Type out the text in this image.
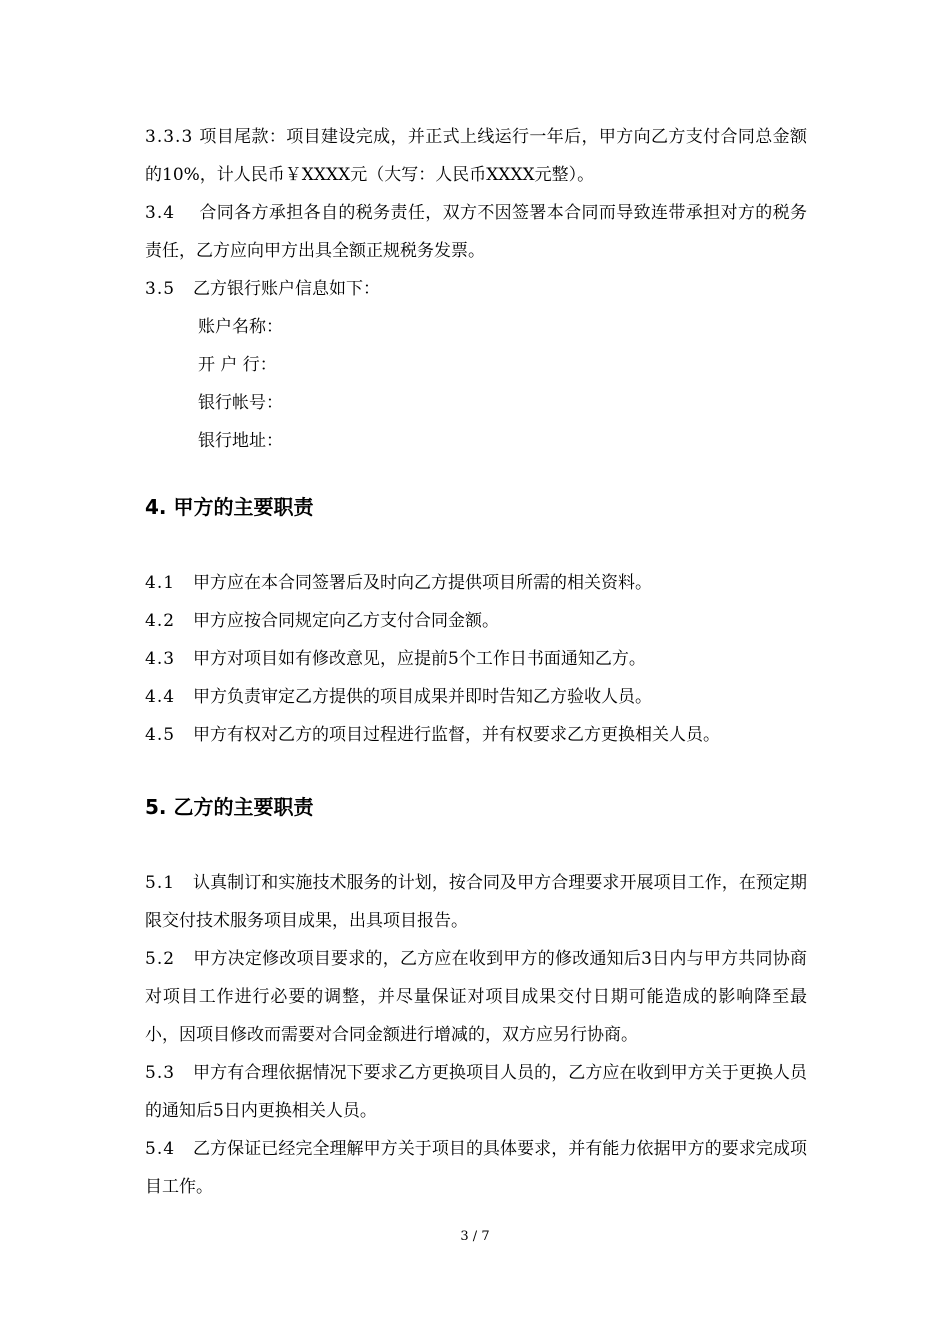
3.3.3 项目尾款：项目建设完成，并正式上线运行一年后，甲方向乙方支付合同总金额的10%，计人民币￥XXXX元（大写：人民币XXXX元整）。

3.4 合同各方承担各自的税务责任，双方不因签署本合同而导致连带承担对方的税务责任，乙方应向甲方出具全额正规税务发票。

3.5 乙方银行账户信息如下：

账户名称：

开 户 行：

银行帐号：

银行地址：

4. 甲方的主要职责

4.1 甲方应在本合同签署后及时向乙方提供项目所需的相关资料。

4.2 甲方应按合同规定向乙方支付合同金额。

4.3 甲方对项目如有修改意见，应提前5个工作日书面通知乙方。

4.4 甲方负责审定乙方提供的项目成果并即时告知乙方验收人员。

4.5 甲方有权对乙方的项目过程进行监督，并有权要求乙方更换相关人员。

5. 乙方的主要职责

5.1 认真制订和实施技术服务的计划，按合同及甲方合理要求开展项目工作，在预定期限交付技术服务项目成果，出具项目报告。

5.2 甲方决定修改项目要求的，乙方应在收到甲方的修改通知后3日内与甲方共同协商对项目工作进行必要的调整，并尽量保证对项目成果交付日期可能造成的影响降至最小，因项目修改而需要对合同金额进行增减的，双方应另行协商。

5.3 甲方有合理依据情况下要求乙方更换项目人员的，乙方应在收到甲方关于更换人员的通知后5日内更换相关人员。

5.4 乙方保证已经完全理解甲方关于项目的具体要求，并有能力依据甲方的要求完成项目工作。

3 / 7
